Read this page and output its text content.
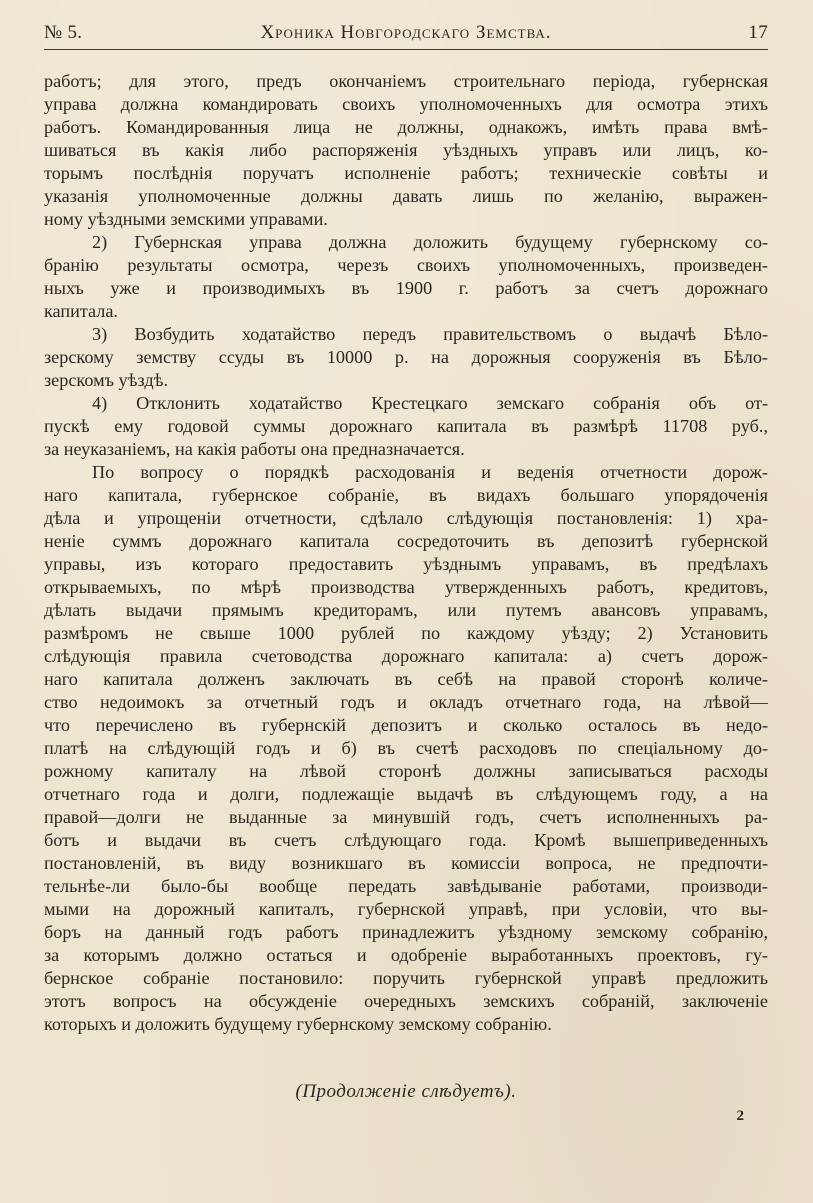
№ 5.	Хроника Новгородскаго Земства.	17
работъ; для этого, предъ окончаніемъ строительнаго періода, губернская
управа должна командировать своихъ уполномоченныхъ для осмотра этихъ
работъ. Командированныя лица не должны, однакожъ, имѣть права вмѣ-
шиваться въ какія либо распоряженія уѣздныхъ управъ или лицъ, ко-
торымъ послѣднія поручатъ исполненіе работъ; техническіе совѣты и
указанія уполномоченные должны давать лишь по желанію, выражен-
ному уѣздными земскими управами.
2) Губернская управа должна доложить будущему губернскому со-
бранію результаты осмотра, черезъ своихъ уполномоченныхъ, произведен-
ныхъ уже и производимыхъ въ 1900 г. работъ за счетъ дорожнаго
капитала.
3) Возбудить ходатайство передъ правительствомъ о выдачѣ Бѣло-
зерскому земству ссуды въ 10000 р. на дорожныя сооруженія въ Бѣло-
зерскомъ уѣздѣ.
4) Отклонить ходатайство Крестецкаго земскаго собранія объ от-
пускѣ ему годовой суммы дорожнаго капитала въ размѣрѣ 11708 руб.,
за неуказаніемъ, на какія работы она предназначается.
По вопросу о порядкѣ расходованія и веденія отчетности дорож-
наго капитала, губернское собраніе, въ видахъ большаго упорядоченія
дѣла и упрощеніи отчетности, сдѣлало слѣдующія постановленія: 1) хра-
неніе суммъ дорожнаго капитала сосредоточить въ депозитѣ губернской
управы, изъ котораго предоставить уѣзднымъ управамъ, въ предѣлахъ
открываемыхъ, по мѣрѣ производства утвержденныхъ работъ, кредитовъ,
дѣлать выдачи прямымъ кредиторамъ, или путемъ авансовъ управамъ,
размѣромъ не свыше 1000 рублей по каждому уѣзду; 2) Установить
слѣдующія правила счетоводства дорожнаго капитала: а) счетъ дорож-
наго капитала долженъ заключать въ себѣ на правой сторонѣ количе-
ство недоимокъ за отчетный годъ и окладъ отчетнаго года, на лѣвой—
что перечислено въ губернскій депозитъ и сколько осталось въ недо-
платѣ на слѣдующій годъ и б) въ счетѣ расходовъ по спеціальному до-
рожному капиталу на лѣвой сторонѣ должны записываться расходы
отчетнаго года и долги, подлежащіе выдачѣ въ слѣдующемъ году, а на
правой—долги не выданные за минувшій годъ, счетъ исполненныхъ ра-
ботъ и выдачи въ счетъ слѣдующаго года. Кромѣ вышеприведенныхъ
постановленій, въ виду возникшаго въ комиссіи вопроса, не предпочти-
тельнѣе-ли было-бы вообще передать завѣдываніе работами, производи-
мыми на дорожный капиталъ, губернской управѣ, при условіи, что вы-
боръ на данный годъ работъ принадлежитъ уѣздному земскому собранію,
за которымъ должно остаться и одобреніе выработанныхъ проектовъ, гу-
бернское собраніе постановило: поручить губернской управѣ предложить
этотъ вопросъ на обсужденіе очередныхъ земскихъ собраній, заключеніе
которыхъ и доложить будущему губернскому земскому собранію.
(Продолженіе слѣдуетъ).
2
